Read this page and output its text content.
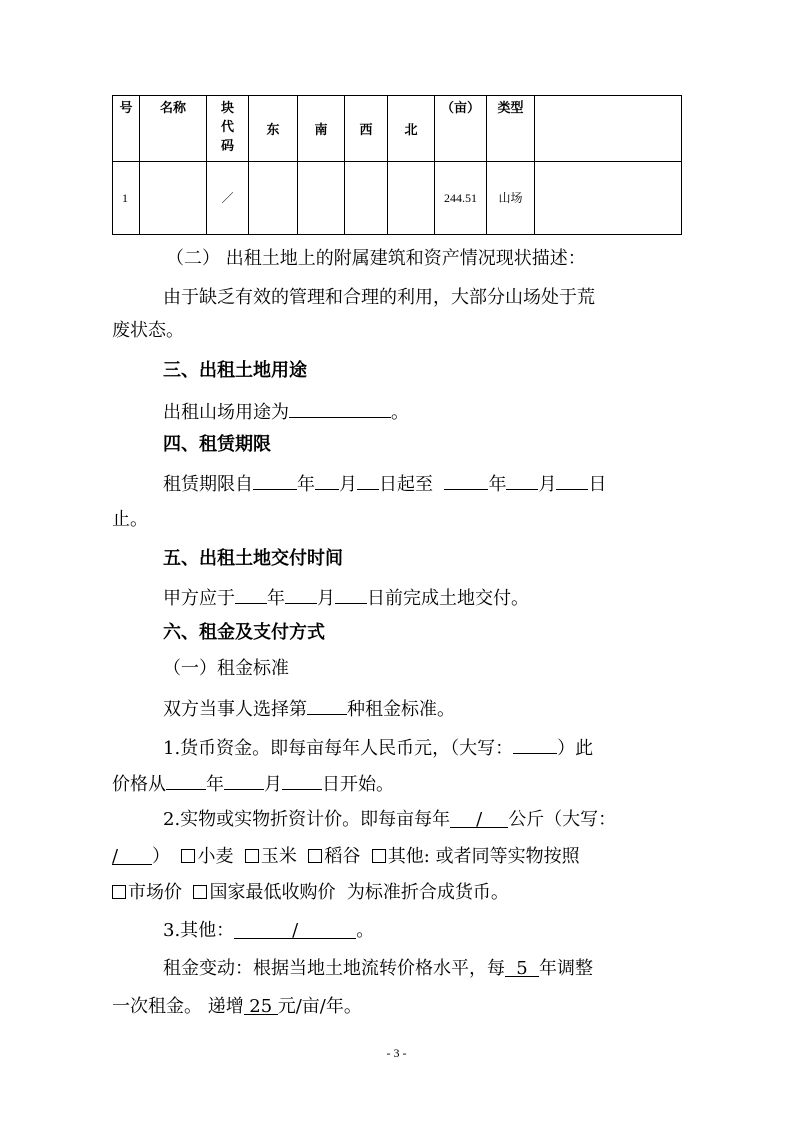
号	名称	块
代
码	东	南	西	北	（亩）	类型	
1		／					244.51	山场	
（二） 出租土地上的附属建筑和资产情况现状描述：
由于缺乏有效的管理和合理的利用，大部分山场处于荒
废状态。
三、出租土地用途
出租山场用途为	。
四、租赁期限
租赁期限自 年 月 日起至	年 月 日
止。
五、出租土地交付时间
甲方应于 年 月 日前完成土地交付。
六、租金及支付方式
（一）租金标准
双方当事人选择第 种租金标准。
1.货币资金。即每亩每年人民币元，（大写： ）此
价格从 年 月 日开始。
2.实物或实物折资计价。即每亩每年 / 公斤（大写：
/ ） 小麦 玉米 稻谷 其他: 或者同等实物按照
市场价 国家最低收购价 为标准折合成货币。
3.其他：	/	。
租金变动：根据当地土地流转价格水平，每 5 年调整
一次租金。 递增 25 元/亩/年。
- 3 -
